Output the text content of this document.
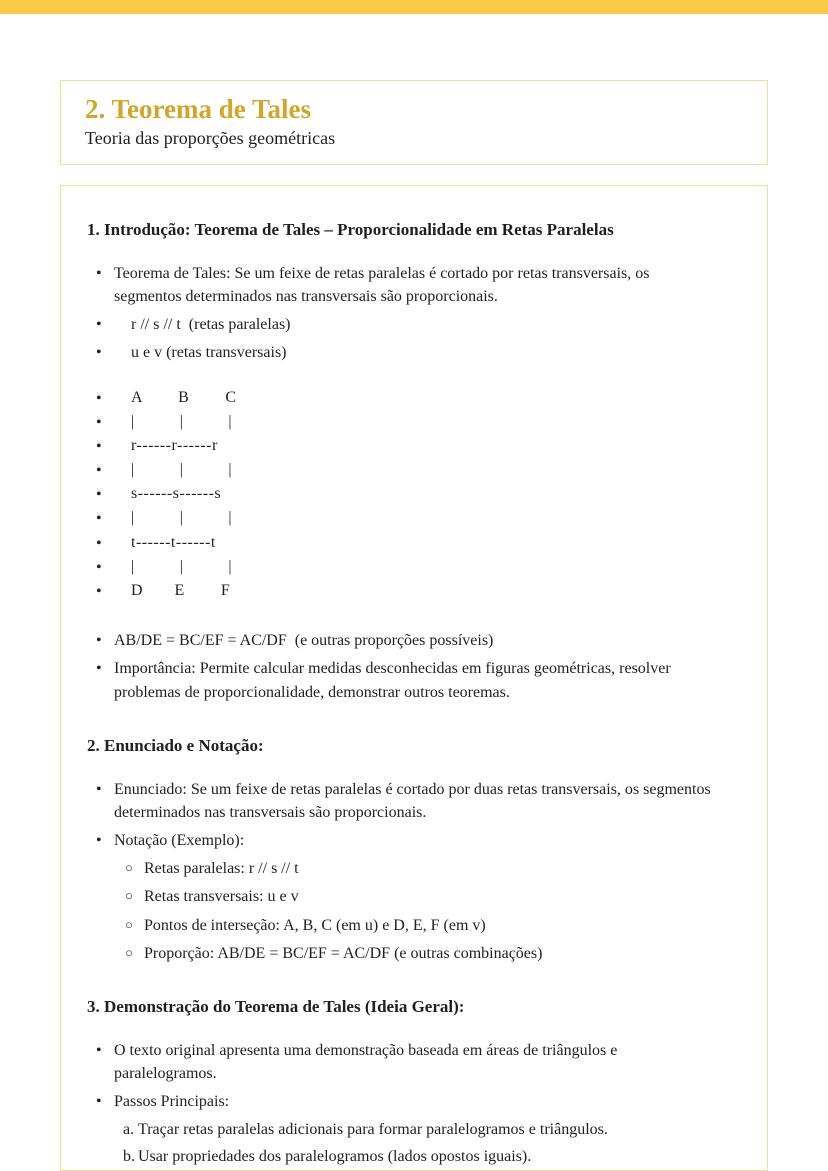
2. Teorema de Tales
Teoria das proporções geométricas
1. Introdução: Teorema de Tales – Proporcionalidade em Retas Paralelas
• Teorema de Tales: Se um feixe de retas paralelas é cortado por retas transversais, os segmentos determinados nas transversais são proporcionais.
•	r // s // t  (retas paralelas)
•	u e v (retas transversais)
•	A        B        C
•	|          |          |
•	r------r------r
•	|          |          |
•	s------s------s
•	|          |          |
•	t------t------t
•	|          |          |
•	D       E        F
• AB/DE = BC/EF = AC/DF  (e outras proporções possíveis)
• Importância: Permite calcular medidas desconhecidas em figuras geométricas, resolver problemas de proporcionalidade, demonstrar outros teoremas.
2. Enunciado e Notação:
• Enunciado: Se um feixe de retas paralelas é cortado por duas retas transversais, os segmentos determinados nas transversais são proporcionais.
• Notação (Exemplo):
○ Retas paralelas: r // s // t
○ Retas transversais: u e v
○ Pontos de interseção: A, B, C (em u) e D, E, F (em v)
○ Proporção: AB/DE = BC/EF = AC/DF (e outras combinações)
3. Demonstração do Teorema de Tales (Ideia Geral):
• O texto original apresenta uma demonstração baseada em áreas de triângulos e paralelogramos.
• Passos Principais:
a. Traçar retas paralelas adicionais para formar paralelogramos e triângulos.
b. Usar propriedades dos paralelogramos (lados opostos iguais).
